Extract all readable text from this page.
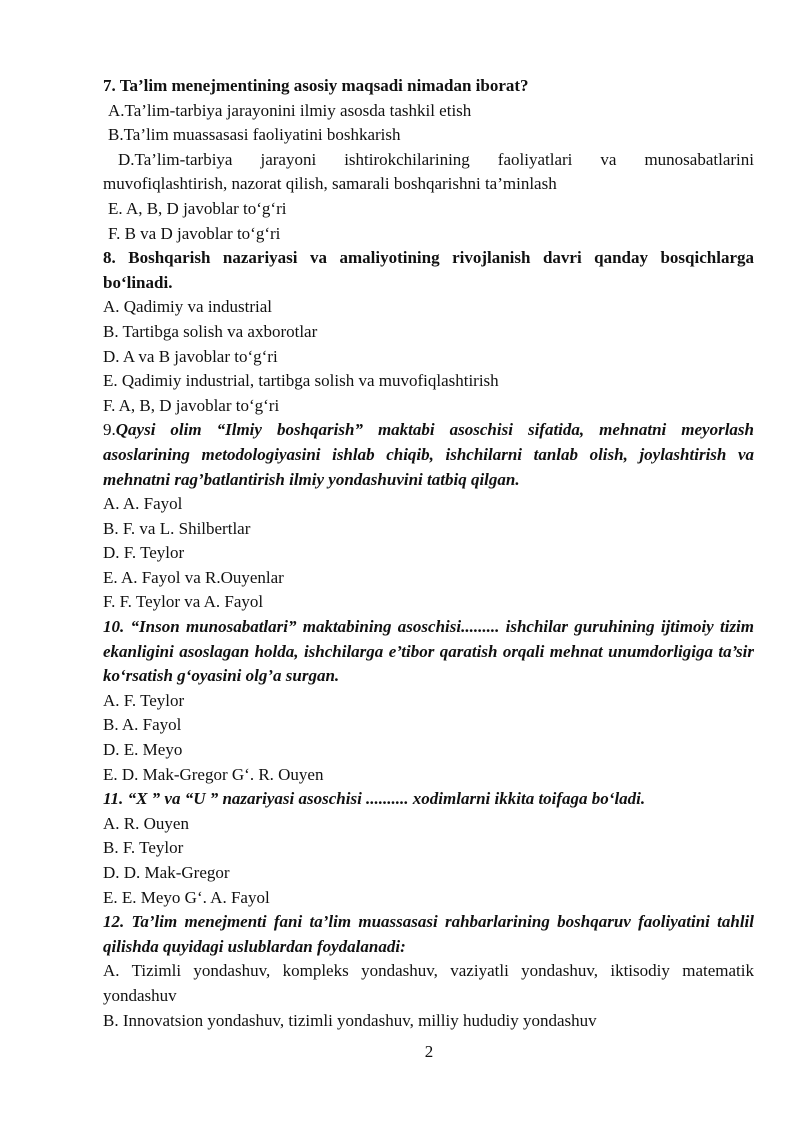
7. Ta’lim menejmentining asosiy maqsadi nimadan iborat?
A.Ta’lim-tarbiya jarayonini ilmiy asosda tashkil etish
B.Ta’lim muassasasi faoliyatini boshkarish
D.Ta’lim-tarbiya jarayoni ishtirokchilarining faoliyatlari va munosabatlarini muvofiqlashtirish, nazorat qilish, samarali boshqarishni ta’minlash
E. A, B, D javoblar to‘g‘ri
F. B va D javoblar to‘g‘ri
8. Boshqarish nazariyasi va amaliyotining rivojlanish davri qanday bosqichlarga bo‘linadi.
A. Qadimiy va industrial
B. Tartibga solish va axborotlar
D. A va B javoblar to‘g‘ri
E. Qadimiy industrial, tartibga solish va muvofiqlashtirish
F. A, B, D javoblar to‘g‘ri
9.Qaysi olim “Ilmiy boshqarish” maktabi asoschisi sifatida, mehnatni meyorlash asoslarining metodologiyasini ishlab chiqib, ishchilarni tanlab olish, joylashtirish va mehnatni rag’batlantirish ilmiy yondashuvini tatbiq qilgan.
A. A. Fayol
B. F. va L. Shilbertlar
D. F. Teylor
E. A. Fayol va R.Ouyenlar
F. F. Teylor va A. Fayol
10. “Inson munosabatlari” maktabining asoschisi......... ishchilar guruhining ijtimoiy tizim ekanligini asoslagan holda, ishchilarga e’tibor qaratish orqali mehnat unumdorligiga ta’sir ko‘rsatish g‘oyasini olg’a surgan.
A. F. Teylor
B. A. Fayol
D. E. Meyo
E. D. Mak-Gregor G‘. R. Ouyen
11. “X ” va “U ” nazariyasi asoschisi .......... xodimlarni ikkita toifaga bo‘ladi.
A. R. Ouyen
B. F. Teylor
D. D. Mak-Gregor
E. E. Meyo G‘. A. Fayol
12. Ta’lim menejmenti fani ta’lim muassasasi rahbarlarining boshqaruv faoliyatini tahlil qilishda quyidagi uslublardan foydalanadi:
A. Tizimli yondashuv, kompleks yondashuv, vaziyatli yondashuv, iktisodiy matematik yondashuv
B. Innovatsion yondashuv, tizimli yondashuv, milliy hududiy yondashuv
2
